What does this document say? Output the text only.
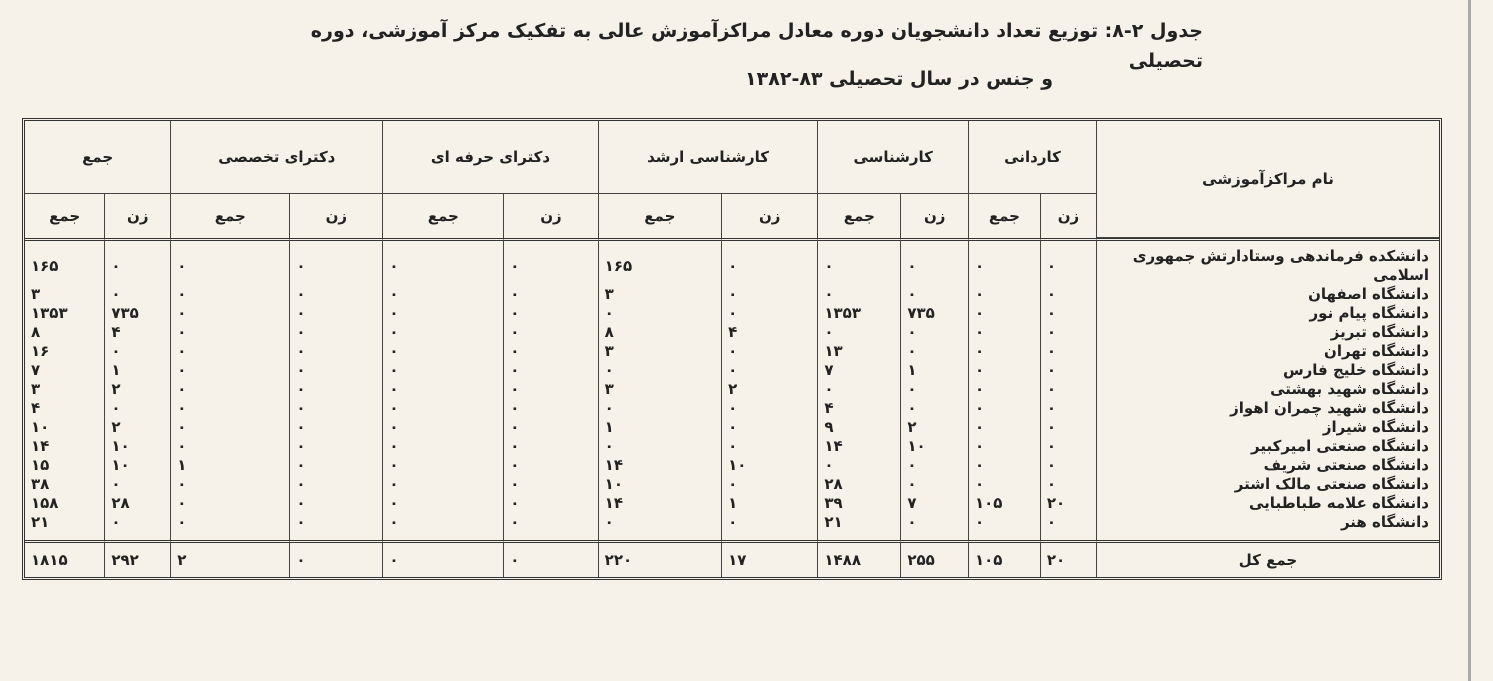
جدول ۲-۸: توزیع تعداد دانشجویان دوره معادل مراکزآموزش عالی به تفکیک مرکز آموزشی، دوره تحصیلی
و جنس در سال تحصیلی ۸۳-۱۳۸۲
نام مراکزآموزشی	کاردانی		کارشناسی		کارشناسی ارشد		دکترای حرفه ای		دکترای تخصصی		جمع	
	زن	جمع	زن	جمع	زن	جمع	زن	جمع	زن	جمع	زن	جمع

دانشکده فرماندهی وستادارتش جمهوری اسلامی	۰	۰	۰	۰	۰	۱۶۵	۰	۰	۰	۰	۰	۱۶۵
دانشگاه اصفهان	۰	۰	۰	۰	۰	۳	۰	۰	۰	۰	۰	۳
دانشگاه پیام نور	۰	۰	۷۳۵	۱۳۵۳	۰	۰	۰	۰	۰	۰	۷۳۵	۱۳۵۳
دانشگاه تبریز	۰	۰	۰	۰	۴	۸	۰	۰	۰	۰	۴	۸
دانشگاه تهران	۰	۰	۰	۱۳	۰	۳	۰	۰	۰	۰	۰	۱۶
دانشگاه خلیج فارس	۰	۰	۱	۷	۰	۰	۰	۰	۰	۰	۱	۷
دانشگاه شهید بهشتی	۰	۰	۰	۰	۲	۳	۰	۰	۰	۰	۲	۳
دانشگاه شهید چمران اهواز	۰	۰	۰	۴	۰	۰	۰	۰	۰	۰	۰	۴
دانشگاه شیراز	۰	۰	۲	۹	۰	۱	۰	۰	۰	۰	۲	۱۰
دانشگاه صنعتی امیرکبیر	۰	۰	۱۰	۱۴	۰	۰	۰	۰	۰	۰	۱۰	۱۴
دانشگاه صنعتی شریف	۰	۰	۰	۰	۱۰	۱۴	۰	۰	۰	۱	۱۰	۱۵
دانشگاه صنعتی مالک اشتر	۰	۰	۰	۲۸	۰	۱۰	۰	۰	۰	۰	۰	۳۸
دانشگاه علامه طباطبایی	۲۰	۱۰۵	۷	۳۹	۱	۱۴	۰	۰	۰	۰	۲۸	۱۵۸
دانشگاه هنر	۰	۰	۰	۲۱	۰	۰	۰	۰	۰	۰	۰	۲۱

جمع کل	۲۰	۱۰۵	۲۵۵	۱۴۸۸	۱۷	۲۲۰	۰	۰	۰	۲	۲۹۲	۱۸۱۵
